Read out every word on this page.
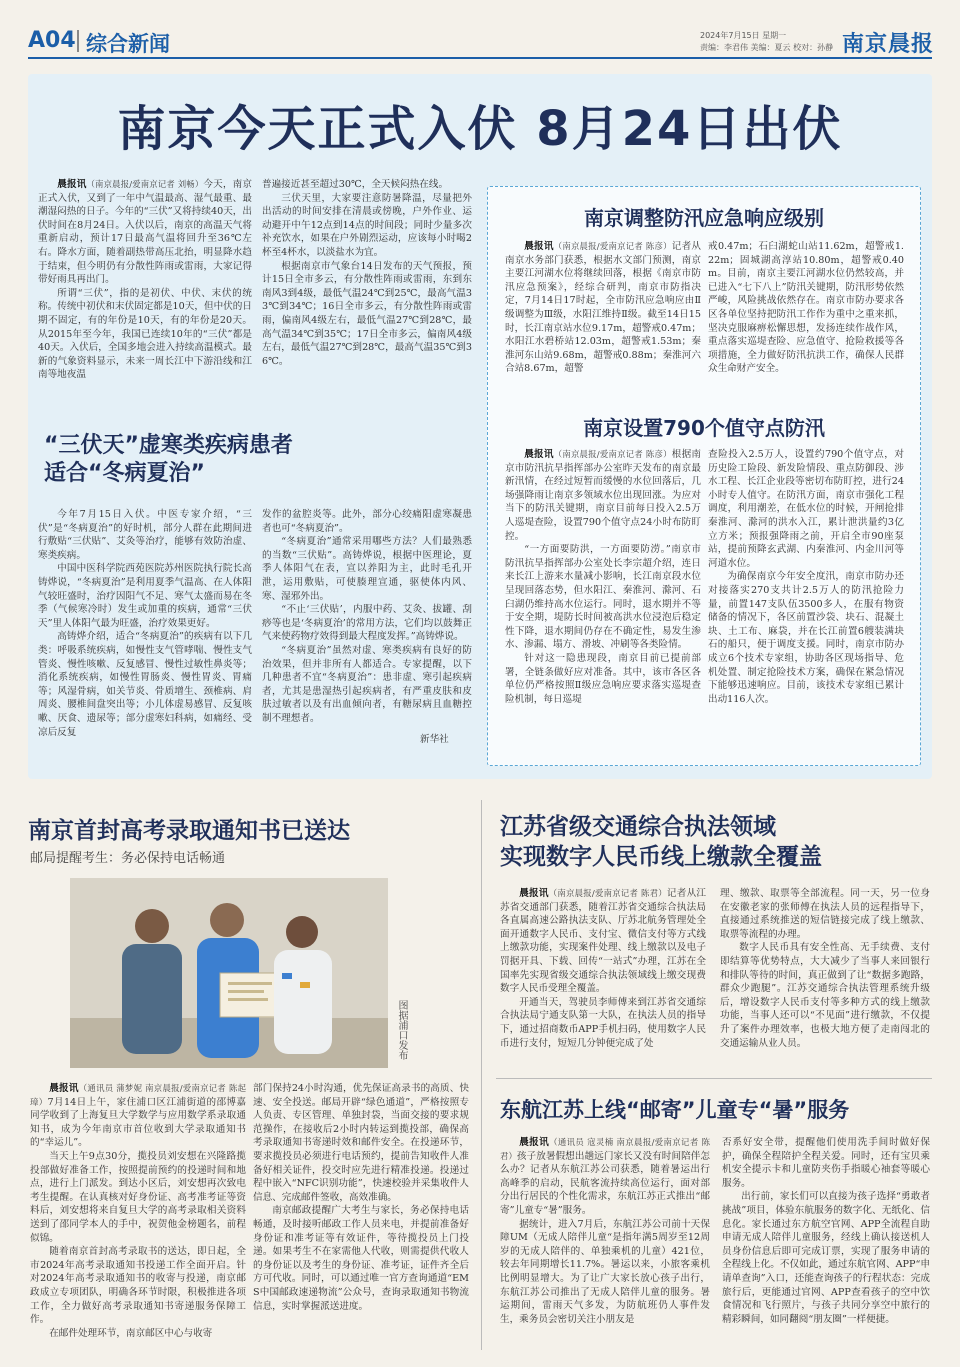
A04 综合新闻	2024年7月15日 星期一
责编：李君伟 美编：夏云 校对：孙静 南京晨报
南京今天正式入伏 8月24日出伏

晨报讯（南京晨报/爱南京记者 刘畅）今天，南京正式入伏，又到了一年中气温最高、湿气最重、最潮湿闷热的日子。今年的“三伏”又将持续40天，出伏时间在8月24日。入伏以后，南京的高温天气将重新启动，预计17日最高气温将回升至36℃左右。降水方面，随着副热带高压北抬，明显降水趋于结束，但今明仍有分散性阵雨或雷雨，大家记得带好雨具再出门。

所谓“三伏”，指的是初伏、中伏、末伏的统称。传统中初伏和末伏固定都是10天，但中伏的日期不固定，有的年份是10天，有的年份是20天。从2015年至今年，我国已连续10年的“三伏”都是40天。入伏后，全国多地会进入持续高温模式。最新的气象资料显示，未来一周长江中下游沿线和江南等地夜温

普遍接近甚至超过30℃，全天候闷热在线。

三伏天里，大家要注意防暑降温，尽量把外出活动的时间安排在清晨或傍晚，户外作业、运动避开中午12点到14点的时间段；同时少量多次补充饮水，如果在户外剧烈运动，应该每小时喝2杯至4杯水，以淡盐水为宜。

根据南京市气象台14日发布的天气预报，预计15日全市多云，有分散性阵雨或雷雨，东到东南风3到4级，最低气温24℃到25℃，最高气温33℃到34℃；16日全市多云，有分散性阵雨或雷雨，偏南风4级左右，最低气温27℃到28℃，最高气温34℃到35℃；17日全市多云，偏南风4级左右，最低气温27℃到28℃，最高气温35℃到36℃。

“三伏天”虚寒类疾病患者
适合“冬病夏治”

今年7月15日入伏。中医专家介绍，“三伏”是“冬病夏治”的好时机，部分人群在此期间进行敷贴“三伏贴”、艾灸等治疗，能够有效防治虚、寒类疾病。

中国中医科学院西苑医院苏州医院执行院长高铸烨说，“冬病夏治”是利用夏季气温高、在人体阳气较旺盛时，治疗因阳气不足、寒气太盛而易在冬季（气候寒冷时）发生或加重的疾病，通常“三伏天”里人体阳气最为旺盛，治疗效果更好。

高铸烨介绍，适合“冬病夏治”的疾病有以下几类：呼吸系统疾病，如慢性支气管哮喘、慢性支气管炎、慢性咳嗽、反复感冒、慢性过敏性鼻炎等；消化系统疾病，如慢性胃肠炎、慢性胃炎、胃痛等；风湿骨病，如关节炎、骨质增生、颈椎病、肩周炎、腰椎间盘突出等；小儿体虚易感冒、反复咳嗽、厌食、遗尿等；部分虚寒妇科病，如痛经、受凉后反复

发作的盆腔炎等。此外，部分心绞痛阳虚寒凝患者也可“冬病夏治”。

“冬病夏治”通常采用哪些方法？人们最熟悉的当数“三伏贴”。高铸烨说，根据中医理论，夏季人体阳气在表，宣以养阳为主，此时毛孔开泄，运用敷贴，可使腠理宣通，驱使体内风、寒、湿邪外出。

“不止‘三伏贴’，内服中药、艾灸、拔罐、刮痧等也是‘冬病夏治’的常用方法，它们均以鼓舞正气来使药物疗效得到最大程度发挥。”高铸烨说。

“冬病夏治”虽然对虚、寒类疾病有良好的防治效果，但并非所有人都适合。专家提醒，以下几种患者不宜“冬病夏治”：患非虚、寒引起疾病者，尤其是患湿热引起疾病者，有严重皮肤和皮肤过敏者以及有出血倾向者，有糖尿病且血糖控制不理想者。

新华社
南京调整防汛应急响应级别

晨报讯（南京晨报/爱南京记者 陈彦）记者从南京水务部门获悉，根据水文部门预测，南京主要江河湖水位将继续回落，根据《南京市防汛应急预案》，经综合研判，南京市防指决定，7月14日17时起，全市防汛应急响应由Ⅱ级调整为Ⅲ级，水阳江维持Ⅱ级。截至14日15时，长江南京站水位9.17m，超警戒0.47m；水阳江水碧桥站12.03m，超警戒1.53m；秦淮河东山站9.68m，超警戒0.88m；秦淮河六合站8.67m，超警

戒0.47m；石臼湖蛇山站11.62m，超警戒1.22m；固城湖高淳站10.80m，超警戒0.40m。目前，南京主要江河湖水位仍然较高，并已进入“七下八上”防汛关键期，防汛形势依然严峻，风险挑战依然存在。南京市防办要求各区各单位坚持把防汛工作作为重中之重来抓，坚决克服麻痹松懈思想，发扬连续作战作风，重点落实巡堤查险、应急值守、抢险救援等各项措施，全力做好防汛抗洪工作，确保人民群众生命财产安全。

南京设置790个值守点防汛

晨报讯（南京晨报/爱南京记者 陈彦）根据南京市防汛抗旱指挥部办公室昨天发布的南京最新汛情，在经过短暂而缓慢的水位回落后，几场强降雨让南京多领域水位出现回涨。为应对当下的防汛关键期，南京目前每日投入2.5万人巡堤查险，设置790个值守点24小时布防盯控。

“一方面要防洪，一方面要防涝。”南京市防汛抗旱指挥部办公室处长李宗超介绍，连日来长江上游来水量减小影响，长江南京段水位呈现回落态势，但水阳江、秦淮河、滁河、石臼湖仍维持高水位运行。同时，退水期并不等于安全期，堤防长时间被高洪水位浸泡后稳定性下降，退水期间仍存在不确定性，易发生渗水、渗漏、塌方、滑坡、冲刷等各类险情。

针对这一隐患现段，南京目前已提前部署，全链条做好应对准备。其中，该市各区各单位仍严格按照Ⅱ级应急响应要求落实巡堤查险机制，每日巡堤

查险投入2.5万人，设置约790个值守点，对历史险工险段、新发险情段、重点防御段、涉水工程、长江企业段等密切布防盯控，进行24小时专人值守。在防汛方面，南京市强化工程调度，利用潮差，在低水位的时候，开闸抢排秦淮河、滁河的洪水入江，累计泄洪量约3亿立方米；预报强降雨之前，开启全市90座泵站，提前预降玄武湖、内秦淮河、内金川河等河道水位。

为确保南京今年安全度汛，南京市防办还对接落实270支共计2.5万人的防汛抢险力量，前置147支队伍3500多人，在服有物资储备的情况下，各区前置沙袋、块石、混凝土块、土工布、麻袋，并在长江前置6艘装满块石的船只，便于调度支援。同时，南京市防办成立6个技术专家组，协助各区现场指导、危机处置、制定抢险技术方案，确保在紧急情况下能够迅速响应。目前，该技术专家组已累计出动116人次。

南京首封高考录取通知书已送达
邮局提醒考生：务必保持电话畅通
图据浦口发布

晨报讯（通讯员 蒲梦妮 南京晨报/爱南京记者 陈起璋）7月14日上午，家住浦口区江浦街道的邵博嘉同学收到了上海复旦大学数学与应用数学系录取通知书，成为今年南京市首位收到大学录取通知书的“幸运儿”。

当天上午9点30分，揽投员刘安想在兴隆路揽投部做好准备工作，按照提前预约的投递时间和地点，进行上门派发。到达小区后，刘安想再次致电考生提醒。在认真核对好身份证、高考准考证等资料后，刘安想将来自复旦大学的高考录取相关资料送到了邵同学本人的手中，祝贺他金榜题名，前程似锦。

随着南京首封高考录取书的送达，即日起，全市2024年高考录取通知书投递工作全面开启。针对2024年高考录取通知书的收寄与投递，南京邮政成立专项团队，明确各环节时限，积极推进各项工作，全力做好高考录取通知书寄递服务保障工作。

在邮件处理环节，南京邮区中心与收寄

部门保持24小时沟通，优先保证高录书的高质、快速、安全投送。邮局开辟“绿色通道”，严格按照专人负责、专区管理、单独封袋，当面交接的要求规范操作，在接收后2小时内转运到揽投部，确保高考录取通知书寄递时效和邮件安全。在投递环节，要求揽投员必须进行电话预约，提前告知收件人准备好相关证件，投交时应先进行精准投递。投递过程中嵌入“NFC识别功能”，快速校验并采集收件人信息、完成邮件签收，高效准确。

南京邮政提醒广大考生与家长，务必保持电话畅通，及时接听邮政工作人员来电，并提前准备好身份证和准考证等有效证件，等待揽投员上门投递。如果考生不在家需他人代收，则需提供代收人的身份证以及考生的身份证、准考证，证件齐全后方可代收。同时，可以通过唯一官方查询通道“EMS中国邮政速递物流”公众号，查询录取通知书物流信息，实时掌握派送进度。

江苏省级交通综合执法领域
实现数字人民币线上缴款全覆盖

晨报讯（南京晨报/爱南京记者 陈君）记者从江苏省交通部门获悉，随着江苏省交通综合执法局各直属高速公路执法支队、厅苏北航务管理处全面开通数字人民币、支付宝、微信支付等方式线上缴款功能，实现案件处理、线上缴款以及电子罚据开具、下载、回传“一站式”办理，江苏在全国率先实现省级交通综合执法领域线上缴交现费数字人民币受理全覆盖。

开通当天，驾驶员李师傅来到江苏省交通综合执法局宁通支队第一大队，在执法人员的指导下，通过招商数币APP手机扫码，使用数字人民币进行支付，短短几分钟便完成了处

理、缴款、取票等全部流程。同一天，另一位身在安徽老家的张师傅在执法人员的远程指导下，直接通过系统推送的短信链接完成了线上缴款、取票等流程的办理。

数字人民币具有安全性高、无手续费、支付即结算等优势特点，大大减少了当事人来回银行和排队等待的时间，真正做到了让“数据多跑路，群众少跑腿”。江苏交通综合执法管理系统升级后，增设数字人民币支付等多种方式的线上缴款功能，当事人还可以“不见面”进行缴款，不仅提升了案件办理效率，也极大地方便了走南闯北的交通运输从业人员。

东航江苏上线“邮寄”儿童专“暑”服务

晨报讯（通讯员 寇灵楠 南京晨报/爱南京记者 陈君）孩子放暑假想出趟远门家长又没有时间陪伴怎么办？记者从东航江苏公司获悉，随着暑运出行高峰季的启动，民航客流持续高位运行，面对部分出行居民的个性化需求，东航江苏正式推出“邮寄”儿童专“暑”服务。

据统计，进入7月后，东航江苏公司前十天保障UM（无成人陪伴儿童“是指年满5周岁至12周岁的无成人陪伴的、单独乘机的儿童）421位，较去年同期增长11.7%。暑运以来，小旅客乘机比例明显增大。为了让广大家长放心孩子出行，东航江苏公司推出了无成人陪伴儿童的服务。暑运期间，雷雨天气多发，为防航班仍人事件发生，乘务员会密切关注小朋友是

否系好安全带，提醒他们使用洗手间时做好保护，确保全程陪护全程关爱。同时，还有宝贝乘机安全提示卡和儿童防夹伤手指暖心袖套等暖心服务。

出行前，家长们可以直接为孩子选择“勇敢者挑战”项目，体验东航服务的数字化、无纸化、信息化。家长通过东方航空官网、APP全流程自助申请无成人陪伴儿童服务，经线上确认接送机人员身份信息后即可完成订票，实现了服务申请的全程线上化。不仅如此，通过东航官网、APP“申请单查询”入口，还能查询孩子的行程状态：完成旅行后，更能通过官网、APP查看孩子的空中饮食情况和飞行照片，与孩子共同分享空中旅行的精彩瞬间，如同翻阅“朋友圈”一样便捷。
